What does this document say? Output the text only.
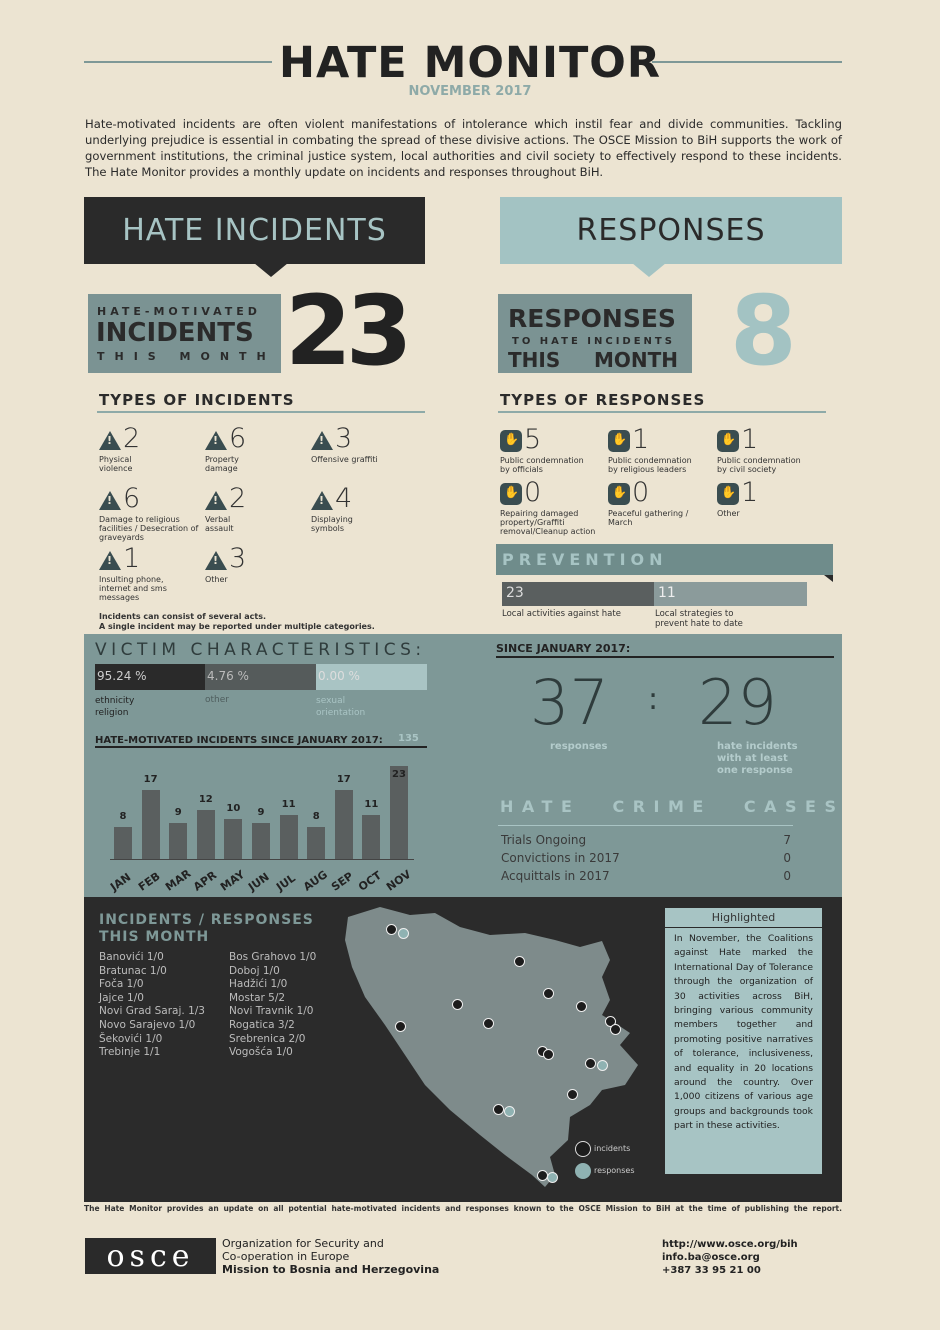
HATE MONITOR
NOVEMBER 2017
Hate-motivated incidents are often violent manifestations of intolerance which instil fear and divide communities. Tackling underlying prejudice is essential in combating the spread of these divisive actions. The OSCE Mission to BiH supports the work of government institutions, the criminal justice system, local authorities and civil society to effectively respond to these incidents. The Hate Monitor provides a monthly update on incidents and responses throughout BiH.
HATE INCIDENTS	RESPONSES
HATE-MOTIVATED
INCIDENTS
THIS MONTH 23	RESPONSES
TO HATE INCIDENTS
THIS MONTH 8
TYPES OF INCIDENTS	TYPES OF RESPONSES
!2
Physical violence
!6
Property damage
!3
Offensive graffiti
!6
Damage to religious facilities / Desecration of graveyards
!2
Verbal assault
!4
Displaying symbols
!1
Insulting phone, internet and sms messages
!3
Other
Incidents can consist of several acts.
A single incident may be reported under multiple categories.
✋5
Public condemnation by officials
✋1
Public condemnation by religious leaders
✋1
Public condemnation by civil society
✋0
Repairing damaged property/Graffiti removal/Cleanup action
✋0
Peaceful gathering / March
✋1
Other
PREVENTION
23	11
Local activities against hate	Local strategies to prevent hate to date
VICTIM CHARACTERISTICS:
95.24 %	4.76 %	0.00 %
ethnicity religion
other	sexual orientation
HATE-MOTIVATED INCIDENTS SINCE JANUARY 2017: 135
8
JAN
17
FEB
9
MAR
12
APR
10
MAY
9
JUN
11
JUL
8
AUG
17
SEP
11
OCT
23
NOV
SINCE JANUARY 2017:
37 : 29
responses	hate incidents with at least one response
HATE CRIME CASES
Trials Ongoing	7
Convictions in 2017	0
Acquittals in 2017	0
INCIDENTS / RESPONSES
THIS MONTH
Banovići 1/0
Bratunac 1/0
Foča 1/0
Jajce 1/0
Novi Grad Saraj. 1/3
Novo Sarajevo 1/0
Šekovići 1/0
Trebinje 1/1
Bos Grahovo 1/0
Doboj 1/0
Hadžići 1/0
Mostar 5/2
Novi Travnik 1/0
Rogatica 3/2
Srebrenica 2/0
Vogošća 1/0
incidents
responses
Highlighted
In November, the Coalitions against Hate marked the International Day of Tolerance through the organization of 30 activities across BiH, bringing various community members together and promoting positive narratives of tolerance, inclusiveness, and equality in 20 locations around the country. Over 1,000 citizens of various age groups and backgrounds took part in these activities.
The Hate Monitor provides an update on all potential hate-motivated incidents and responses known to the OSCE Mission to BiH at the time of publishing the report.
osce	Organization for Security and
Co-operation in Europe
Mission to Bosnia and Herzegovina
http://www.osce.org/bih
info.ba@osce.org
+387 33 95 21 00
